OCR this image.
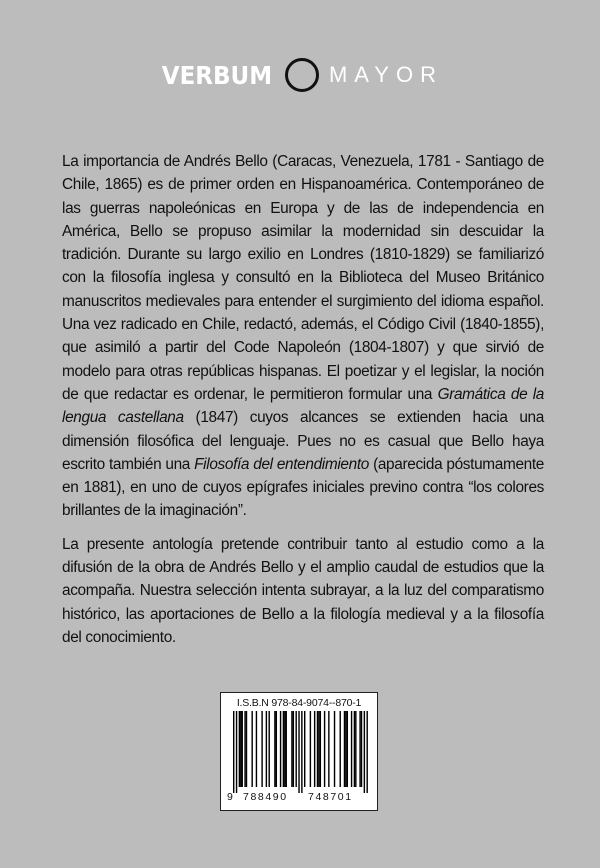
VERBUM	MAYOR

La importancia de Andrés Bello (Caracas, Venezuela, 1781 - Santiago de Chile, 1865) es de primer orden en Hispanoamérica. Contemporáneo de las guerras napoleónicas en Europa y de las de independencia en América, Bello se propuso asimilar la modernidad sin descuidar la tradición. Durante su largo exilio en Londres (1810-1829) se familiarizó con la filosofía inglesa y consultó en la Biblioteca del Museo Británico manuscritos medievales para entender el surgimiento del idioma español. Una vez radicado en Chile, redactó, además, el Código Civil (1840-1855), que asimiló a partir del Code Napoleón (1804-1807) y que sirvió de modelo para otras repúblicas hispanas. El poetizar y el legislar, la noción de que redactar es ordenar, le permitieron formular una Gramática de la lengua castellana (1847) cuyos alcances se extienden hacia una dimensión filosófica del lenguaje. Pues no es casual que Bello haya escrito también una Filosofía del entendimiento (aparecida póstumamente en 1881), en uno de cuyos epígrafes iniciales previno contra “los colores brillantes de la imaginación”.

La presente antología pretende contribuir tanto al estudio como a la difusión de la obra de Andrés Bello y el amplio caudal de estudios que la acompaña. Nuestra selección intenta subrayar, a la luz del comparatismo histórico, las aportaciones de Bello a la filología medieval y a la filosofía del conocimiento.

I.S.B.N 978-84-9074--870-1
9 788490 748701
